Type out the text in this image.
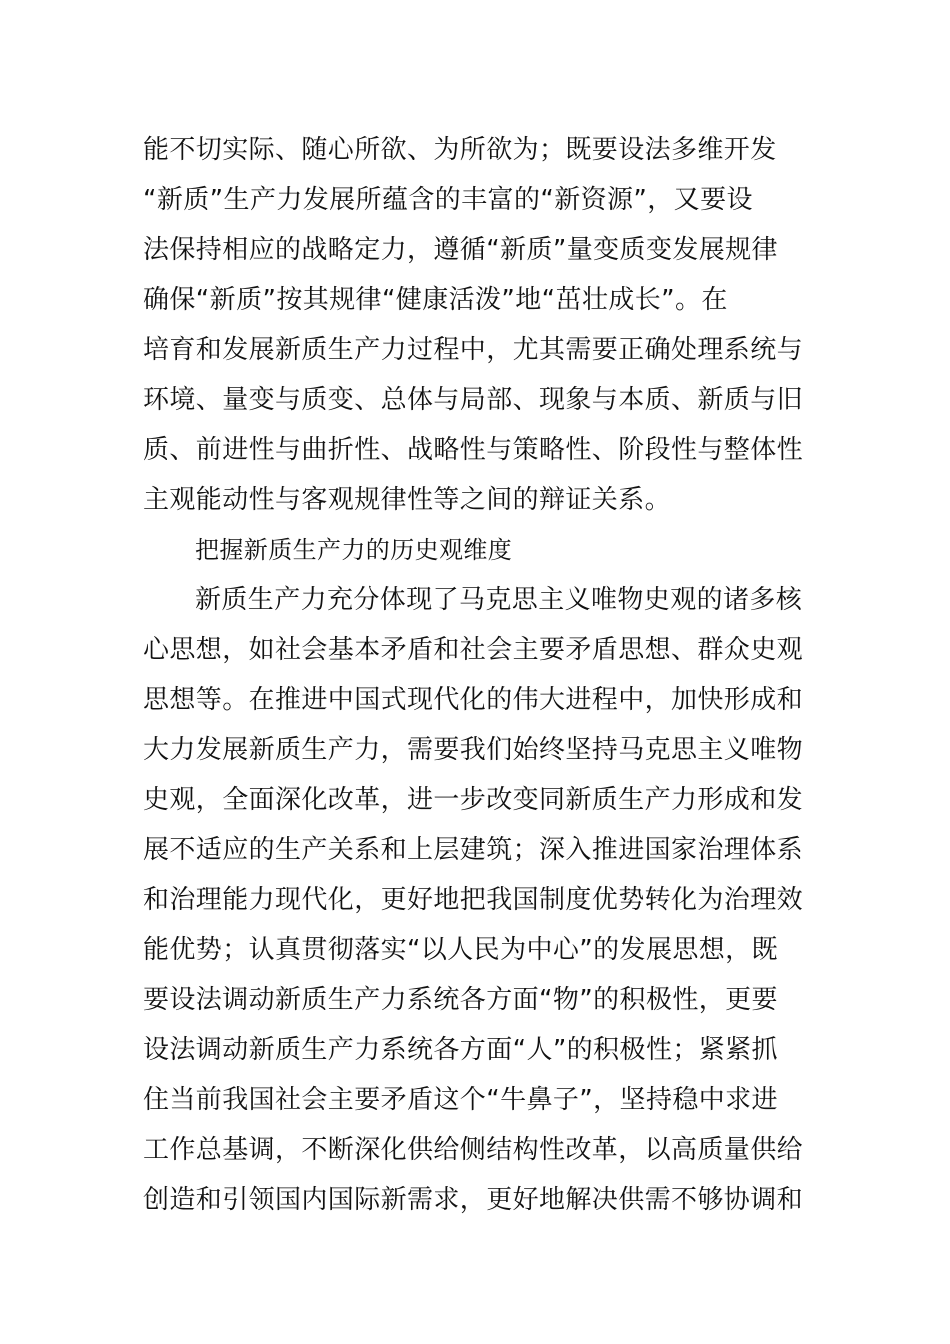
能不切实际、随心所欲、为所欲为；既要设法多维开发
“新质”生产力发展所蕴含的丰富的“新资源”，又要设
法保持相应的战略定力，遵循“新质”量变质变发展规律
确保“新质”按其规律“健康活泼”地“茁壮成长”。在
培育和发展新质生产力过程中，尤其需要正确处理系统与
环境、量变与质变、总体与局部、现象与本质、新质与旧
质、前进性与曲折性、战略性与策略性、阶段性与整体性
主观能动性与客观规律性等之间的辩证关系。
把握新质生产力的历史观维度
新质生产力充分体现了马克思主义唯物史观的诸多核
心思想，如社会基本矛盾和社会主要矛盾思想、群众史观
思想等。在推进中国式现代化的伟大进程中，加快形成和
大力发展新质生产力，需要我们始终坚持马克思主义唯物
史观，全面深化改革，进一步改变同新质生产力形成和发
展不适应的生产关系和上层建筑；深入推进国家治理体系
和治理能力现代化，更好地把我国制度优势转化为治理效
能优势；认真贯彻落实“以人民为中心”的发展思想，既
要设法调动新质生产力系统各方面“物”的积极性，更要
设法调动新质生产力系统各方面“人”的积极性；紧紧抓
住当前我国社会主要矛盾这个“牛鼻子”，坚持稳中求进
工作总基调，不断深化供给侧结构性改革，以高质量供给
创造和引领国内国际新需求，更好地解决供需不够协调和
